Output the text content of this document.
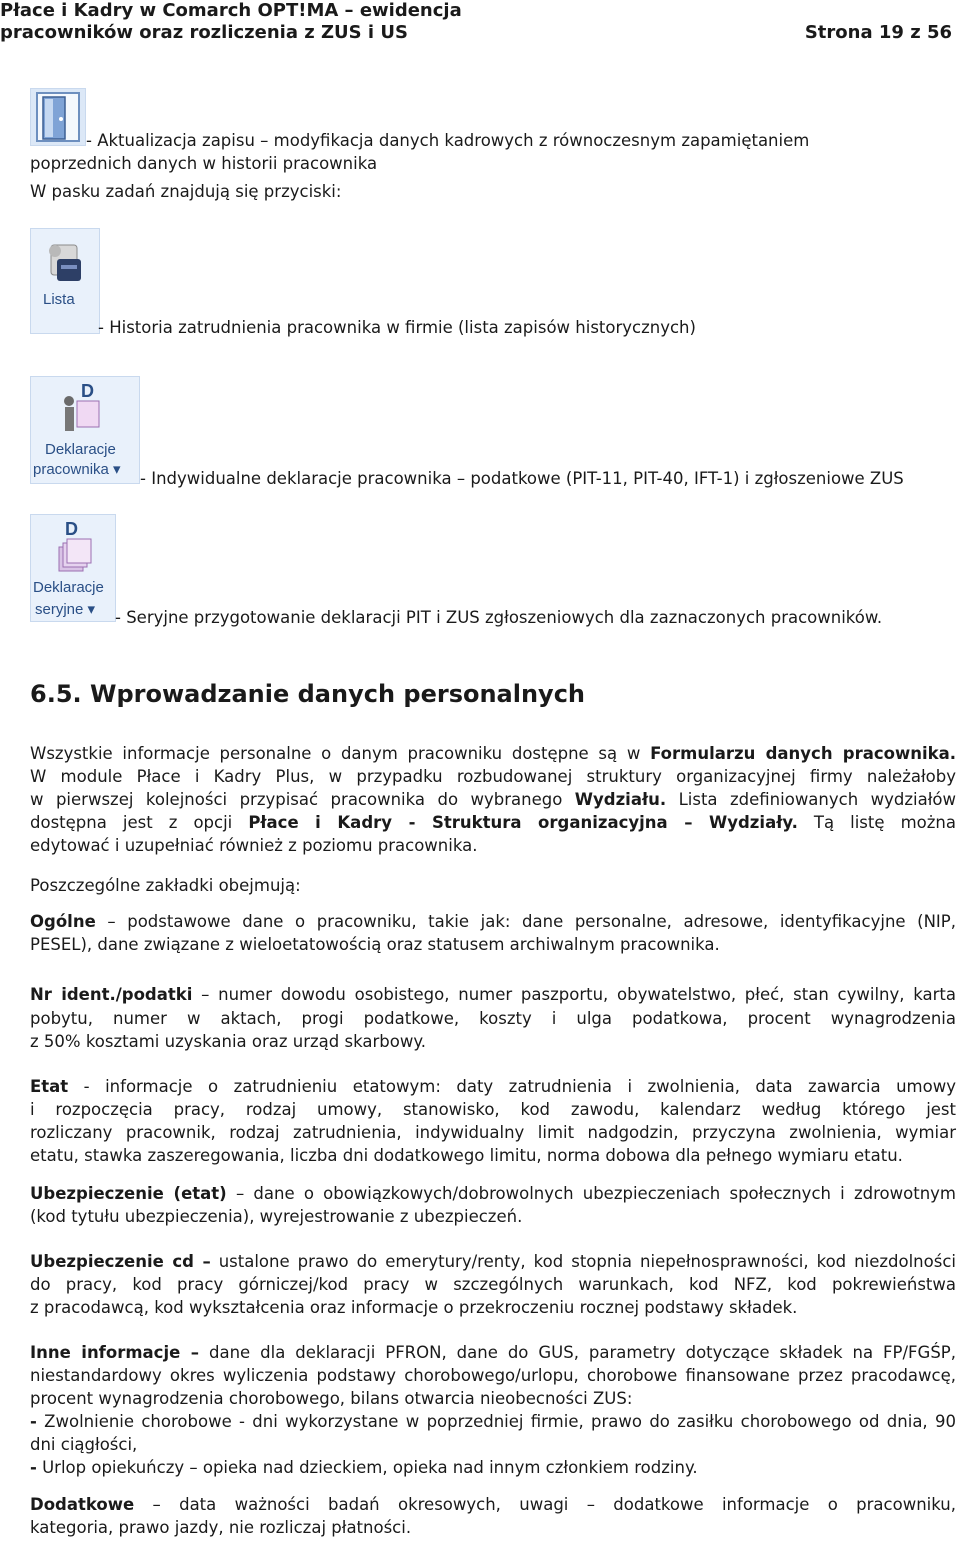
Płace i Kadry w Comarch OPT!MA – ewidencja
pracowników oraz rozliczenia z ZUS i US	Strona 19 z 56
- Aktualizacja zapisu – modyfikacja danych kadrowych z równoczesnym zapamiętaniem
poprzednich danych w historii pracownika
W pasku zadań znajdują się przyciski:
Lista
- Historia zatrudnienia pracownika w firmie (lista zapisów historycznych)
D
Deklaracje
pracownika ▾ - Indywidualne deklaracje pracownika – podatkowe (PIT-11, PIT-40, IFT-1) i zgłoszeniowe ZUS
D
Deklaracje
seryjne ▾ - Seryjne przygotowanie deklaracji PIT i ZUS zgłoszeniowych dla zaznaczonych pracowników.
6.5. Wprowadzanie danych personalnych
Wszystkie informacje personalne o danym pracowniku dostępne są w Formularzu danych pracownika.
W module Płace i Kadry Plus, w przypadku rozbudowanej struktury organizacyjnej firmy należałoby
w pierwszej kolejności przypisać pracownika do wybranego Wydziału. Lista zdefiniowanych wydziałów
dostępna jest z opcji Płace i Kadry - Struktura organizacyjna – Wydziały. Tą listę można
edytować i uzupełniać również z poziomu pracownika.
Poszczególne zakładki obejmują:
Ogólne – podstawowe dane o pracowniku, takie jak: dane personalne, adresowe, identyfikacyjne (NIP,
PESEL), dane związane z wieloetatowością oraz statusem archiwalnym pracownika.
Nr ident./podatki – numer dowodu osobistego, numer paszportu, obywatelstwo, płeć, stan cywilny, karta
pobytu, numer w aktach, progi podatkowe, koszty i ulga podatkowa, procent wynagrodzenia
z 50% kosztami uzyskania oraz urząd skarbowy.
Etat - informacje o zatrudnieniu etatowym: daty zatrudnienia i zwolnienia, data zawarcia umowy
i rozpoczęcia pracy, rodzaj umowy, stanowisko, kod zawodu, kalendarz według którego jest
rozliczany pracownik, rodzaj zatrudnienia, indywidualny limit nadgodzin, przyczyna zwolnienia, wymiar
etatu, stawka zaszeregowania, liczba dni dodatkowego limitu, norma dobowa dla pełnego wymiaru etatu.
Ubezpieczenie (etat) – dane o obowiązkowych/dobrowolnych ubezpieczeniach społecznych i zdrowotnym
(kod tytułu ubezpieczenia), wyrejestrowanie z ubezpieczeń.
Ubezpieczenie cd – ustalone prawo do emerytury/renty, kod stopnia niepełnosprawności, kod niezdolności
do pracy, kod pracy górniczej/kod pracy w szczególnych warunkach, kod NFZ, kod pokrewieństwa
z pracodawcą, kod wykształcenia oraz informacje o przekroczeniu rocznej podstawy składek.
Inne informacje – dane dla deklaracji PFRON, dane do GUS, parametry dotyczące składek na FP/FGŚP,
niestandardowy okres wyliczenia podstawy chorobowego/urlopu, chorobowe finansowane przez pracodawcę,
procent wynagrodzenia chorobowego, bilans otwarcia nieobecności ZUS:
- Zwolnienie chorobowe - dni wykorzystane w poprzedniej firmie, prawo do zasiłku chorobowego od dnia, 90
dni ciągłości,
- Urlop opiekuńczy – opieka nad dzieckiem, opieka nad innym członkiem rodziny.
Dodatkowe – data ważności badań okresowych, uwagi – dodatkowe informacje o pracowniku,
kategoria, prawo jazdy, nie rozliczaj płatności.
